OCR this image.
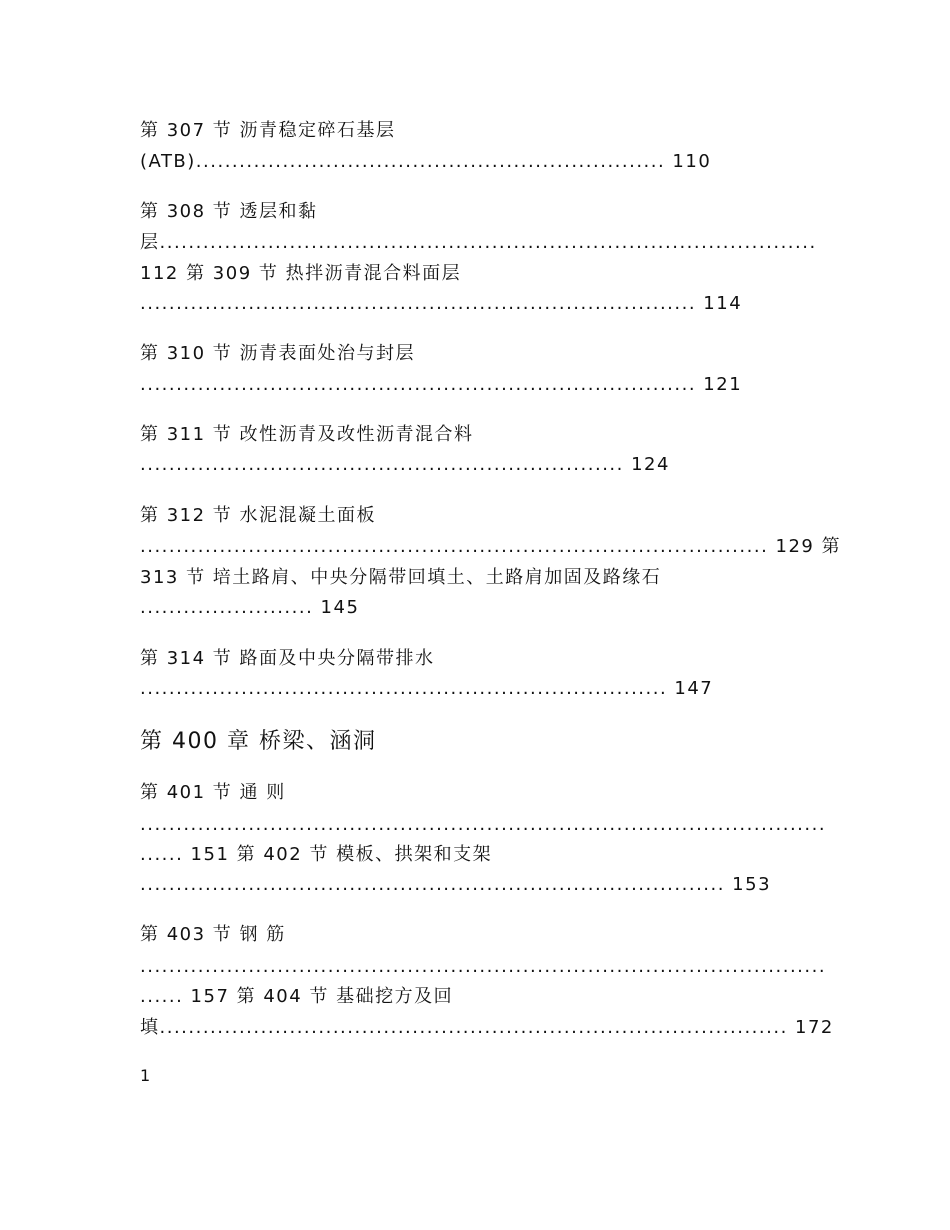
第 307 节 沥青稳定碎石基层
(ATB)................................................................. 110
第 308 节 透层和黏
层...........................................................................................
112 第 309 节 热拌沥青混合料面层
............................................................................. 114
第 310 节 沥青表面处治与封层
............................................................................. 121
第 311 节 改性沥青及改性沥青混合料
................................................................... 124
第 312 节 水泥混凝土面板
....................................................................................... 129 第
313 节 培土路肩、中央分隔带回填土、土路肩加固及路缘石
........................ 145
第 314 节 路面及中央分隔带排水
......................................................................... 147
第 400 章 桥梁、涵洞
第 401 节 通 则
...............................................................................................
...... 151 第 402 节 模板、拱架和支架
................................................................................. 153
第 403 节 钢 筋
...............................................................................................
...... 157 第 404 节 基础挖方及回
填....................................................................................... 172
1
